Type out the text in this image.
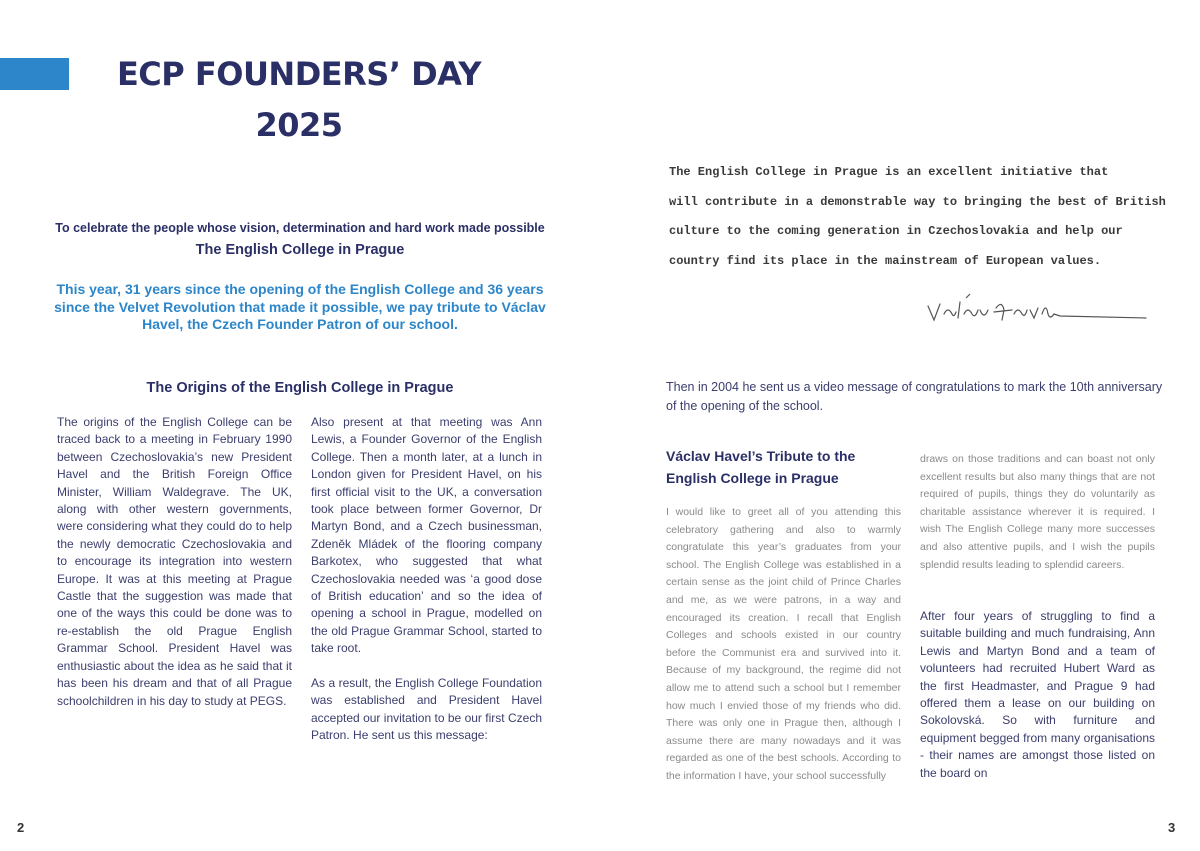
ECP FOUNDERS’ DAY
2025
To celebrate the people whose vision, determination and hard work made possible
The English College in Prague
This year, 31 years since the opening of the English College and 36 years since the Velvet Revolution that made it possible, we pay tribute to Václav Havel, the Czech Founder Patron of our school.
The Origins of the English College in Prague

The origins of the English College can be traced back to a meeting in February 1990 between Czechoslovakia’s new President Havel and the British Foreign Office Minister, William Waldegrave. The UK, along with other western governments, were considering what they could do to help the newly democratic Czechoslovakia and to encourage its integration into western Europe. It was at this meeting at Prague Castle that the suggestion was made that one of the ways this could be done was to re-establish the old Prague English Grammar School. President Havel was enthusiastic about the idea as he said that it has been his dream and that of all Prague schoolchildren in his day to study at PEGS.

Also present at that meeting was Ann Lewis, a Founder Governor of the English College. Then a month later, at a lunch in London given for President Havel, on his first official visit to the UK, a conversation took place between former Governor, Dr Martyn Bond, and a Czech businessman, Zdeněk Mládek of the flooring company Barkotex, who suggested that what Czechoslovakia needed was ‘a good dose of British education’ and so the idea of opening a school in Prague, modelled on the old Prague Grammar School, started to take root.

As a result, the English College Foundation was established and President Havel accepted our invitation to be our first Czech Patron. He sent us this message:

The English College in Prague is an excellent initiative that
will contribute in a demonstrable way to bringing the best of British
culture to the coming generation in Czechoslovakia and help our
country find its place in the mainstream of European values.
Then in 2004 he sent us a video message of congratulations to mark the 10th anniversary of the opening of the school.
Václav Havel’s Tribute to the English College in Prague
I would like to greet all of you attending this celebratory gathering and also to warmly congratulate this year’s graduates from your school. The English College was established in a certain sense as the joint child of Prince Charles and me, as we were patrons, in a way and encouraged its creation. I recall that English Colleges and schools existed in our country before the Communist era and survived into it. Because of my background, the regime did not allow me to attend such a school but I remember how much I envied those of my friends who did. There was only one in Prague then, although I assume there are many nowadays and it was regarded as one of the best schools. According to the information I have, your school successfully
draws on those traditions and can boast not only excellent results but also many things that are not required of pupils, things they do voluntarily as charitable assistance wherever it is required. I wish The English College many more successes and also attentive pupils, and I wish the pupils splendid results leading to splendid careers.
After four years of struggling to find a suitable building and much fundraising, Ann Lewis and Martyn Bond and a team of volunteers had recruited Hubert Ward as the first Headmaster, and Prague 9 had offered them a lease on our building on Sokolovská. So with furniture and equipment begged from many organisations - their names are amongst those listed on the board on
2	3
